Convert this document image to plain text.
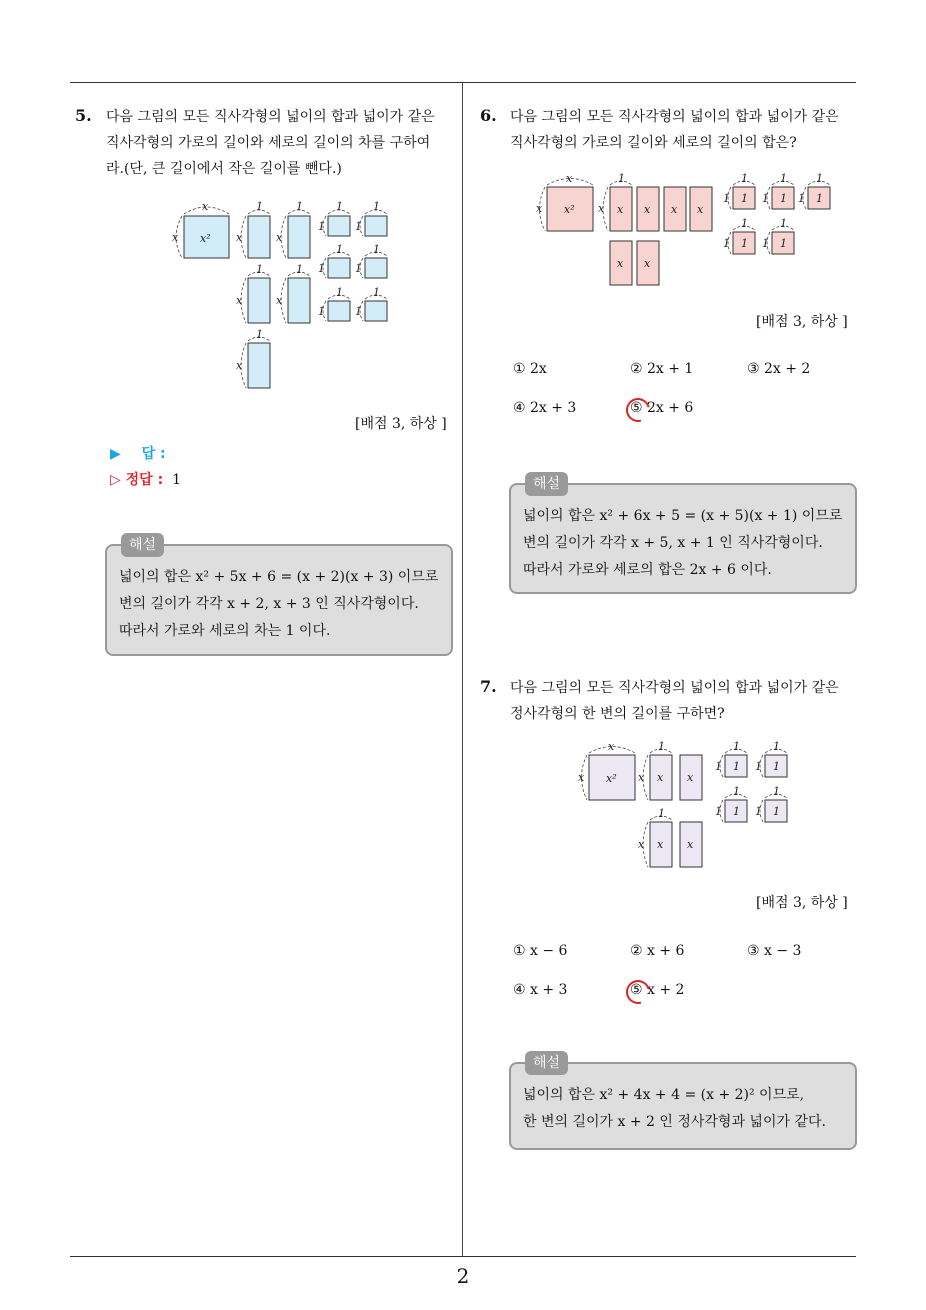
2
5. 다음 그림의 모든 직사각형의 넓이의 합과 넓이가 같은
직사각형의 가로의 길이와 세로의 길이의 차를 구하여
라.(단, 큰 길이에서 작은 길이를 뺀다.)
x²
x
x
1
x
1
x
1
x
1
x
1
x
1
1
1
1
1
1
1
1
1
1
1
1
[배점 3, 하상 ]
▶ 답 :
▷ 정답 : 1
해설
넓이의 합은 x² + 5x + 6 = (x + 2)(x + 3) 이므로
변의 길이가 각각 x + 2, x + 3 인 직사각형이다.
따라서 가로와 세로의 차는 1 이다.
6. 다음 그림의 모든 직사각형의 넓이의 합과 넓이가 같은
직사각형의 가로의 길이와 세로의 길이의 합은?
x²
x
x
1
x x x x x
x x
1
1
1	1
1
1	1
1
1
1
1
1	1
1
1
[배점 3, 하상 ]
① 2x	② 2x + 1	③ 2x + 2
④ 2x + 3	⑤ 2x + 6
해설
넓이의 합은 x² + 6x + 5 = (x + 5)(x + 1) 이므로
변의 길이가 각각 x + 5, x + 1 인 직사각형이다.
따라서 가로와 세로의 합은 2x + 6 이다.
7. 다음 그림의 모든 직사각형의 넓이의 합과 넓이가 같은
정사각형의 한 변의 길이를 구하면?
x²
x
x
1
x x x
1
x x x
1
1
1	1
1
1
1
1
1	1
1
1
[배점 3, 하상 ]
① x − 6	② x + 6	③ x − 3
④ x + 3	⑤ x + 2
해설
넓이의 합은 x² + 4x + 4 = (x + 2)² 이므로,
한 변의 길이가 x + 2 인 정사각형과 넓이가 같다.
